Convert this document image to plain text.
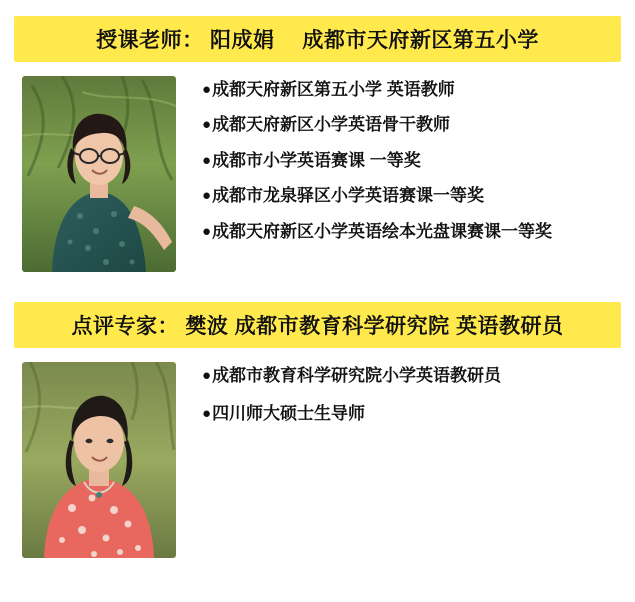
授课老师： 阳成娟　 成都市天府新区第五小学
● 成都天府新区第五小学 英语教师
● 成都天府新区小学英语骨干教师
● 成都市小学英语赛课 一等奖
● 成都市龙泉驿区小学英语赛课一等奖
● 成都天府新区小学英语绘本光盘课赛课一等奖
点评专家： 樊波 成都市教育科学研究院 英语教研员
● 成都市教育科学研究院小学英语教研员
● 四川师大硕士生导师
